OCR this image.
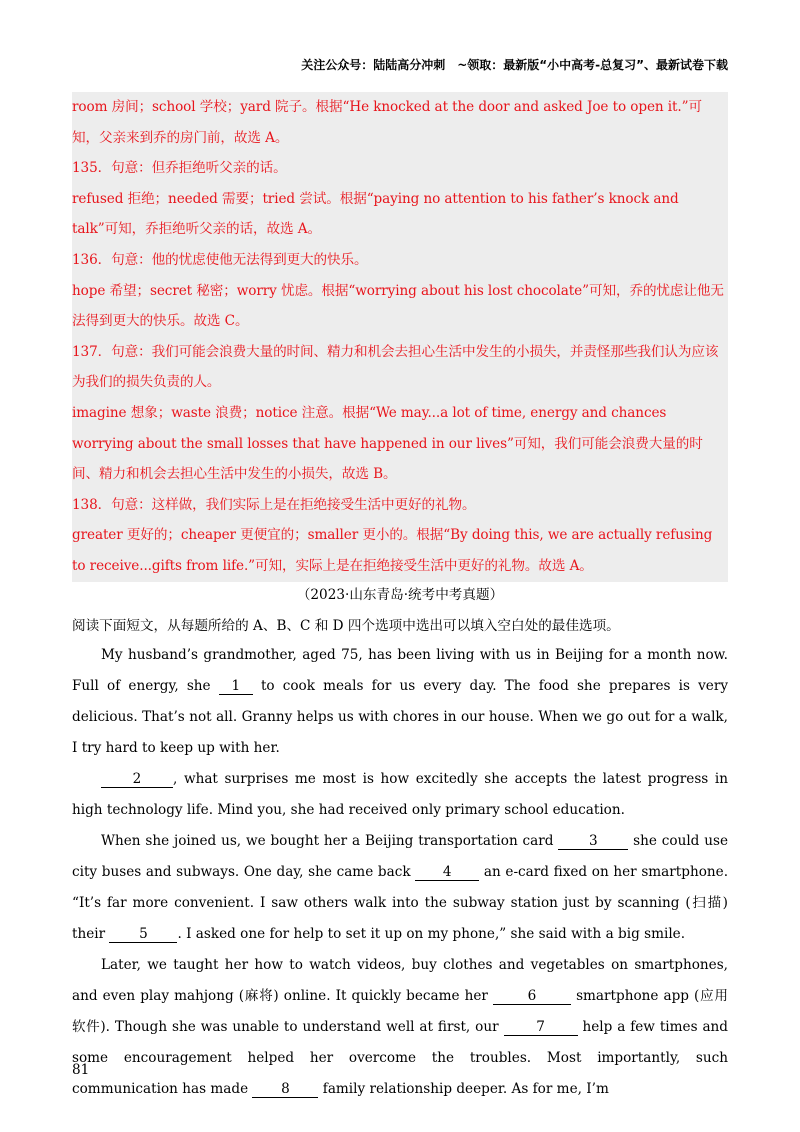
关注公众号：陆陆高分冲刺　~领取：最新版“小中高考-总复习”、最新试卷下载

room 房间；school 学校；yard 院子。根据“He knocked at the door and asked Joe to open it.”可知，父亲来到乔的房门前，故选 A。

135．句意：但乔拒绝听父亲的话。

refused 拒绝；needed 需要；tried 尝试。根据“paying no attention to his father’s knock and talk”可知，乔拒绝听父亲的话，故选 A。

136．句意：他的忧虑使他无法得到更大的快乐。

hope 希望；secret 秘密；worry 忧虑。根据“worrying about his lost chocolate”可知，乔的忧虑让他无法得到更大的快乐。故选 C。

137．句意：我们可能会浪费大量的时间、精力和机会去担心生活中发生的小损失，并责怪那些我们认为应该为我们的损失负责的人。

imagine 想象；waste 浪费；notice 注意。根据“We may...a lot of time, energy and chances worrying about the small losses that have happened in our lives”可知，我们可能会浪费大量的时间、精力和机会去担心生活中发生的小损失，故选 B。

138．句意：这样做，我们实际上是在拒绝接受生活中更好的礼物。

greater 更好的；cheaper 更便宜的；smaller 更小的。根据“By doing this, we are actually refusing to receive...gifts from life.”可知，实际上是在拒绝接受生活中更好的礼物。故选 A。

（2023·山东青岛·统考中考真题）
阅读下面短文，从每题所给的 A、B、C 和 D 四个选项中选出可以填入空白处的最佳选项。

My husband’s grandmother, aged 75, has been living with us in Beijing for a month now. Full of energy, she 1 to cook meals for us every day. The food she prepares is very delicious. That’s not all. Granny helps us with chores in our house. When we go out for a walk, I try hard to keep up with her.

2 , what surprises me most is how excitedly she accepts the latest progress in high technology life. Mind you, she had received only primary school education.

When she joined us, we bought her a Beijing transportation card	3	she could use city buses and subways. One day, she came back 4 an e-card fixed on her smartphone. “It’s far more convenient. I saw others walk into the subway station just by scanning (扫描) their	5 . I asked one for help to set it up on my phone,” she said with a big smile.

Later, we taught her how to watch videos, buy clothes and vegetables on smartphones, and even play mahjong (麻将) online. It quickly became her	6	smartphone app (应用软件). Though she was unable to understand well at first, our	7	help a few times and some encouragement helped her overcome the troubles. Most importantly, such communication has made 8 family relationship deeper. As for me, I’m

81
